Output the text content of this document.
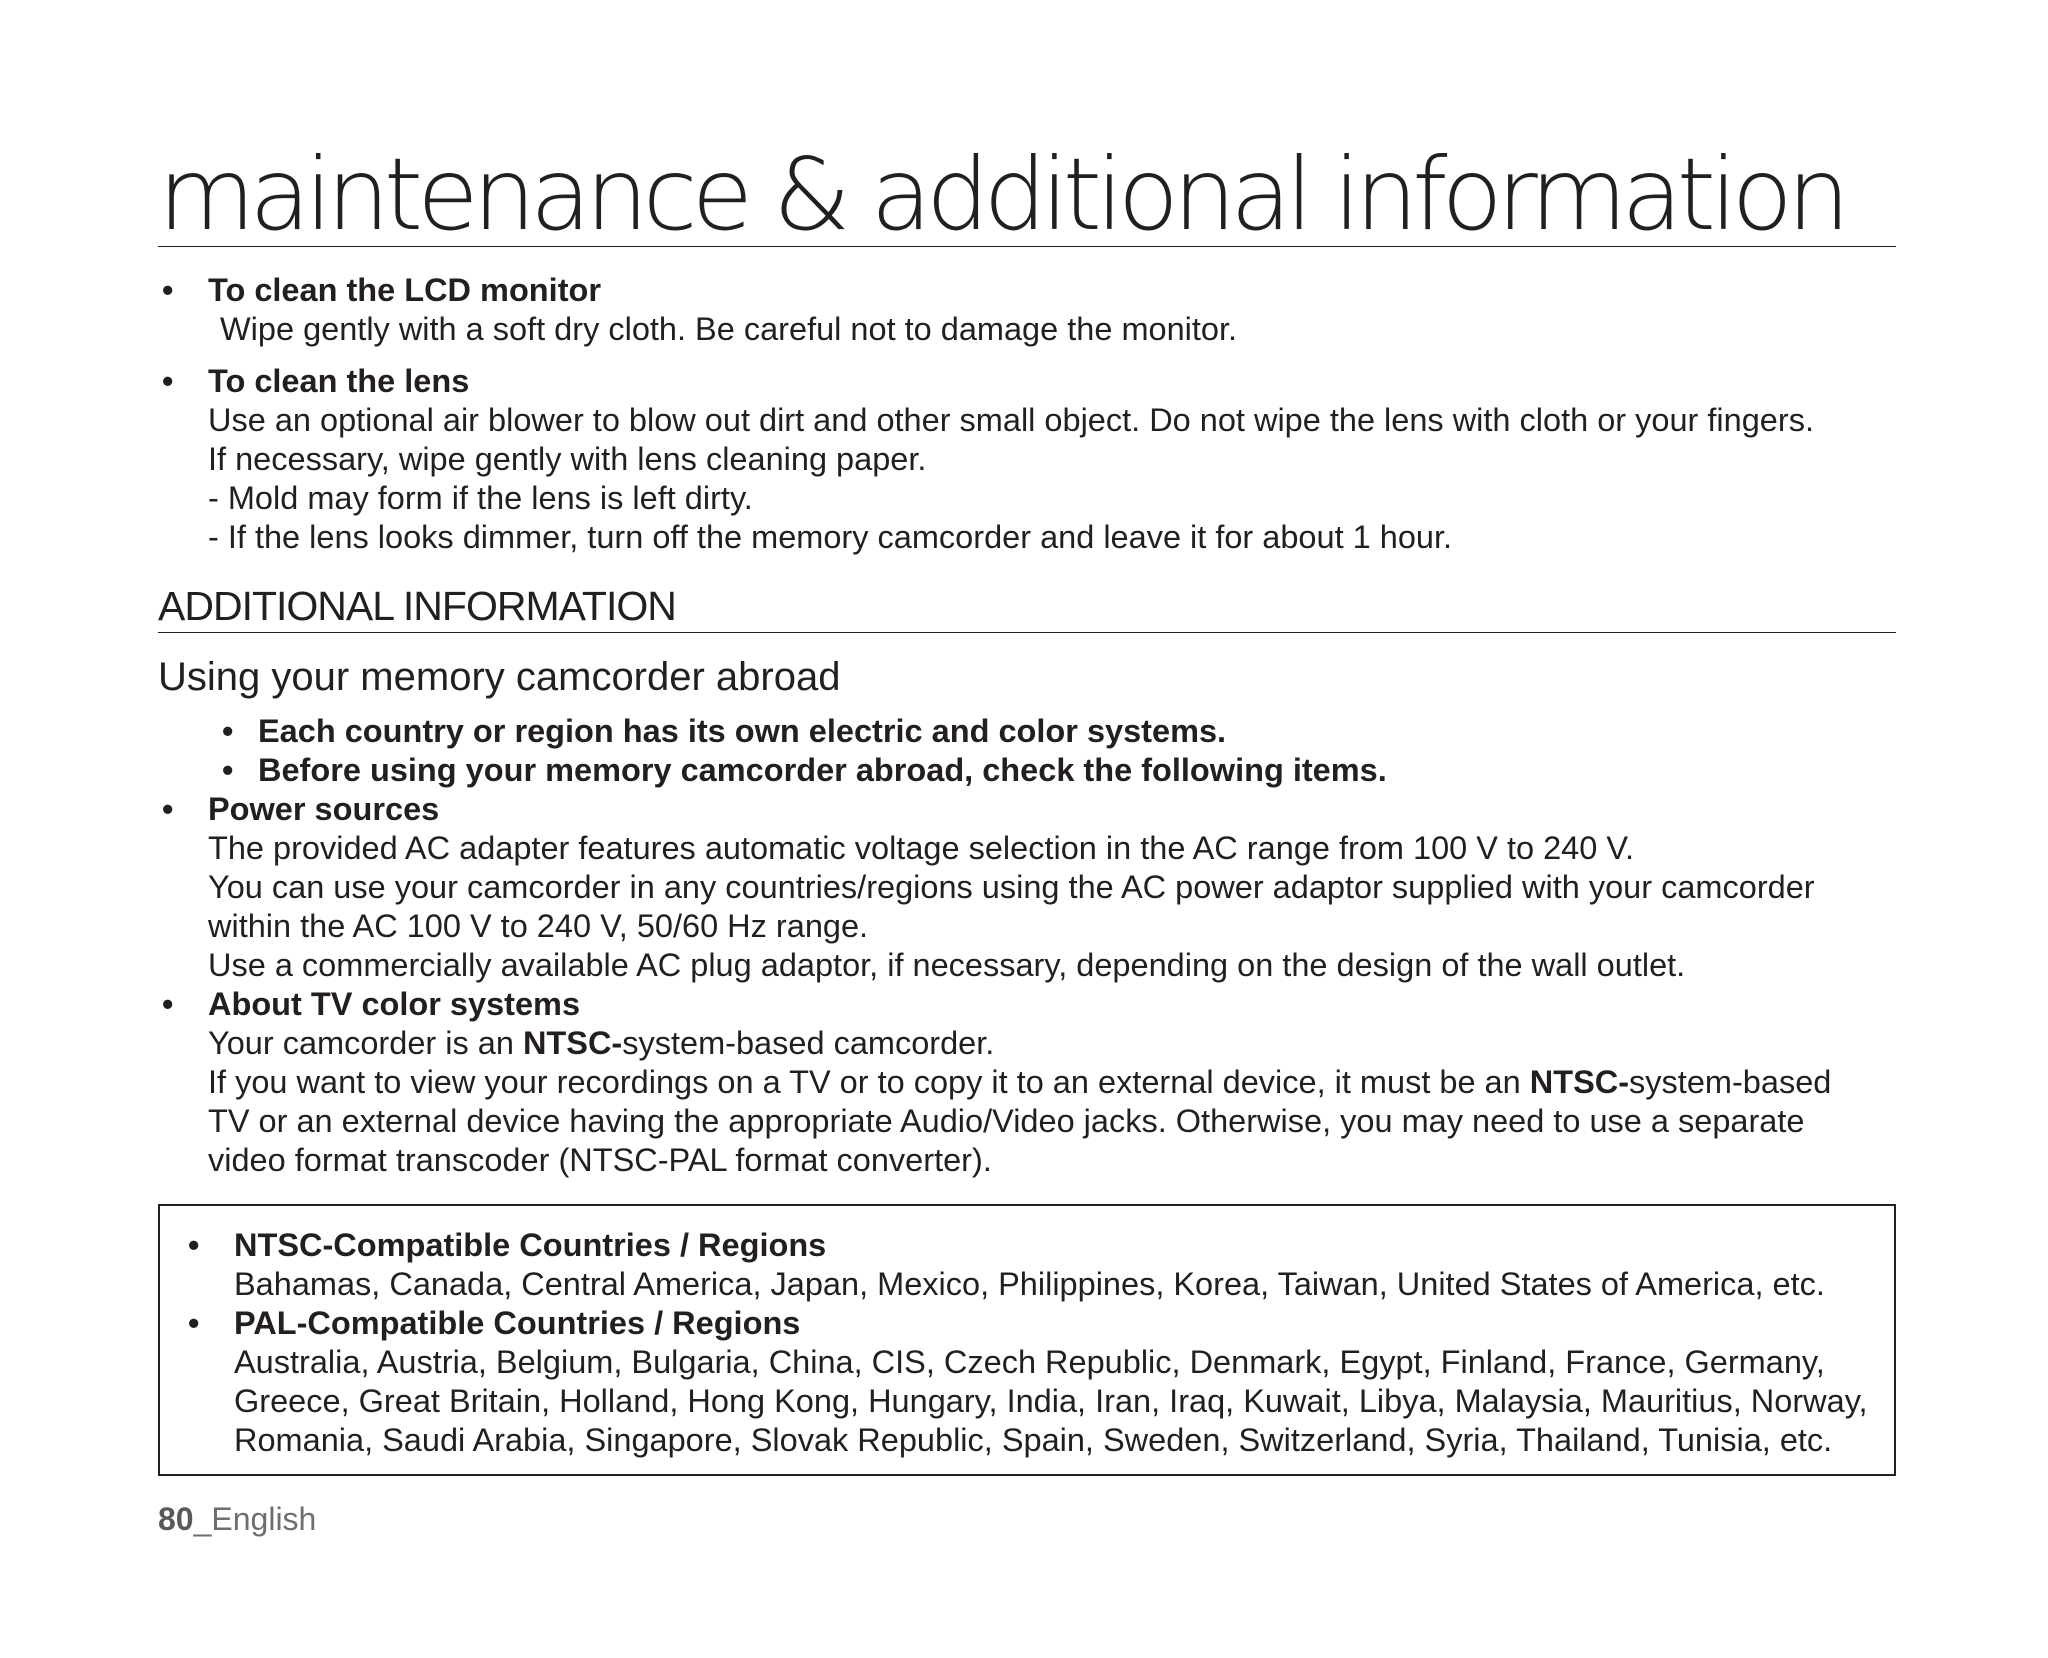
maintenance & additional information
• To clean the LCD monitor
Wipe gently with a soft dry cloth. Be careful not to damage the monitor.
• To clean the lens
Use an optional air blower to blow out dirt and other small object. Do not wipe the lens with cloth or your fingers.
If necessary, wipe gently with lens cleaning paper.
- Mold may form if the lens is left dirty.
- If the lens looks dimmer, turn off the memory camcorder and leave it for about 1 hour.
ADDITIONAL INFORMATION
Using your memory camcorder abroad
• Each country or region has its own electric and color systems.
• Before using your memory camcorder abroad, check the following items.
• Power sources
The provided AC adapter features automatic voltage selection in the AC range from 100 V to 240 V.
You can use your camcorder in any countries/regions using the AC power adaptor supplied with your camcorder
within the AC 100 V to 240 V, 50/60 Hz range.
Use a commercially available AC plug adaptor, if necessary, depending on the design of the wall outlet.
• About TV color systems
Your camcorder is an NTSC-system-based camcorder.
If you want to view your recordings on a TV or to copy it to an external device, it must be an NTSC-system-based
TV or an external device having the appropriate Audio/Video jacks. Otherwise, you may need to use a separate
video format transcoder (NTSC-PAL format converter).
• NTSC-Compatible Countries / Regions
Bahamas, Canada, Central America, Japan, Mexico, Philippines, Korea, Taiwan, United States of America, etc.
• PAL-Compatible Countries / Regions
Australia, Austria, Belgium, Bulgaria, China, CIS, Czech Republic, Denmark, Egypt, Finland, France, Germany,
Greece, Great Britain, Holland, Hong Kong, Hungary, India, Iran, Iraq, Kuwait, Libya, Malaysia, Mauritius, Norway,
Romania, Saudi Arabia, Singapore, Slovak Republic, Spain, Sweden, Switzerland, Syria, Thailand, Tunisia, etc.
80_English
